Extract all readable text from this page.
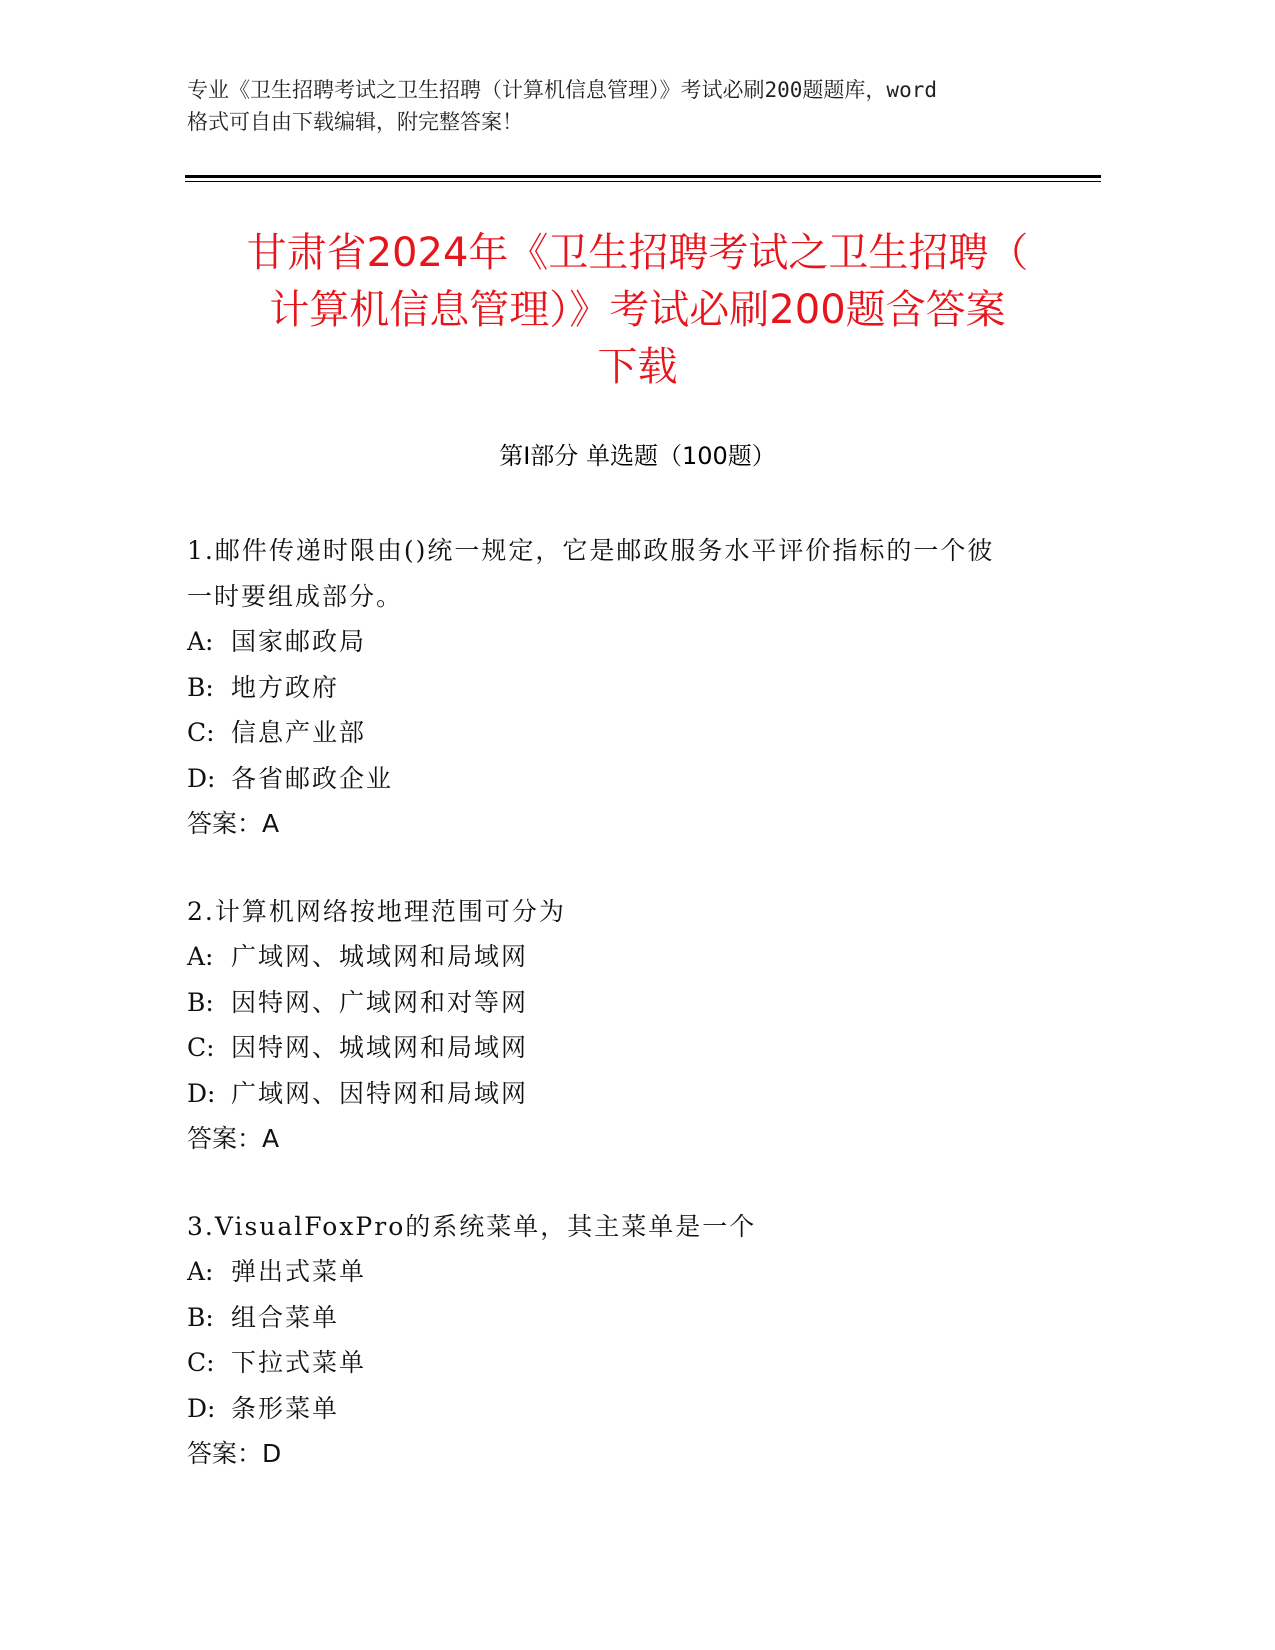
专业《卫生招聘考试之卫生招聘（计算机信息管理）》考试必刷200题题库，word
格式可自由下载编辑，附完整答案！
甘肃省2024年《卫生招聘考试之卫生招聘（
计算机信息管理）》考试必刷200题含答案
下载
第I部分 单选题（100题）
1.邮件传递时限由()统一规定，它是邮政服务水平评价指标的一个彼
一时要组成部分。
A: 国家邮政局
B: 地方政府
C: 信息产业部
D: 各省邮政企业
答案：A
2.计算机网络按地理范围可分为
A: 广域网、城域网和局域网
B: 因特网、广域网和对等网
C: 因特网、城域网和局域网
D: 广域网、因特网和局域网
答案：A
3.VisualFoxPro的系统菜单，其主菜单是一个
A: 弹出式菜单
B: 组合菜单
C: 下拉式菜单
D: 条形菜单
答案：D
